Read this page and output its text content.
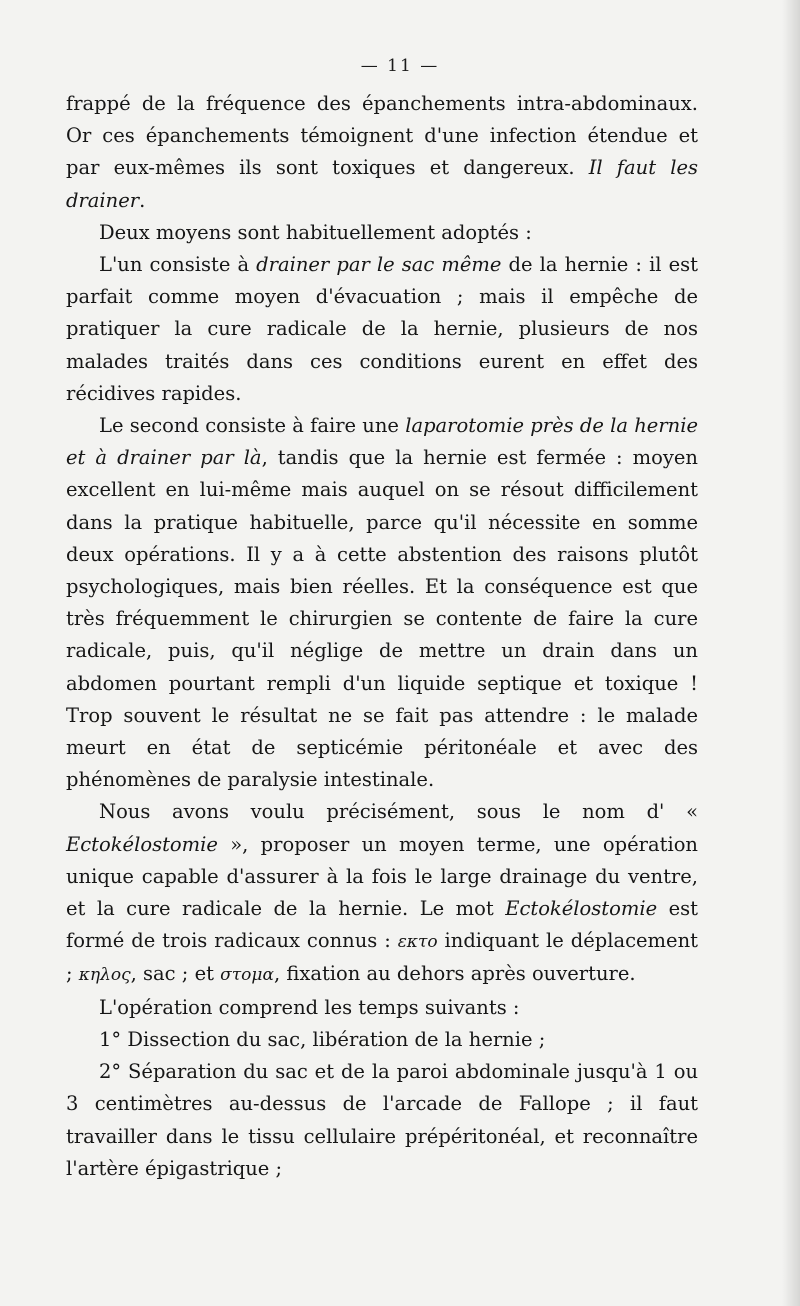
— 11 —

frappé de la fréquence des épanchements intra-abdominaux. Or ces épanchements témoignent d'une infection étendue et par eux-mêmes ils sont toxiques et dangereux. Il faut les drainer.

Deux moyens sont habituellement adoptés :

L'un consiste à drainer par le sac même de la hernie : il est parfait comme moyen d'évacuation ; mais il empêche de pratiquer la cure radicale de la hernie, plusieurs de nos malades traités dans ces conditions eurent en effet des récidives rapides.

Le second consiste à faire une laparotomie près de la hernie et à drainer par là, tandis que la hernie est fermée : moyen excellent en lui-même mais auquel on se résout difficilement dans la pratique habituelle, parce qu'il nécessite en somme deux opérations. Il y a à cette abstention des raisons plutôt psychologiques, mais bien réelles. Et la conséquence est que très fréquemment le chirurgien se contente de faire la cure radicale, puis, qu'il néglige de mettre un drain dans un abdomen pourtant rempli d'un liquide septique et toxique ! Trop souvent le résultat ne se fait pas attendre : le malade meurt en état de septicémie péritonéale et avec des phénomènes de paralysie intestinale.

Nous avons voulu précisément, sous le nom d' « Ectokélostomie », proposer un moyen terme, une opération unique capable d'assurer à la fois le large drainage du ventre, et la cure radicale de la hernie. Le mot Ectokélostomie est formé de trois radicaux connus : εκτο indiquant le déplacement ; κηλος, sac ; et στομα, fixation au dehors après ouverture.

L'opération comprend les temps suivants :

1° Dissection du sac, libération de la hernie ;

2° Séparation du sac et de la paroi abdominale jusqu'à 1 ou 3 centimètres au-dessus de l'arcade de Fallope ; il faut travailler dans le tissu cellulaire prépéritonéal, et reconnaître l'artère épigastrique ;
